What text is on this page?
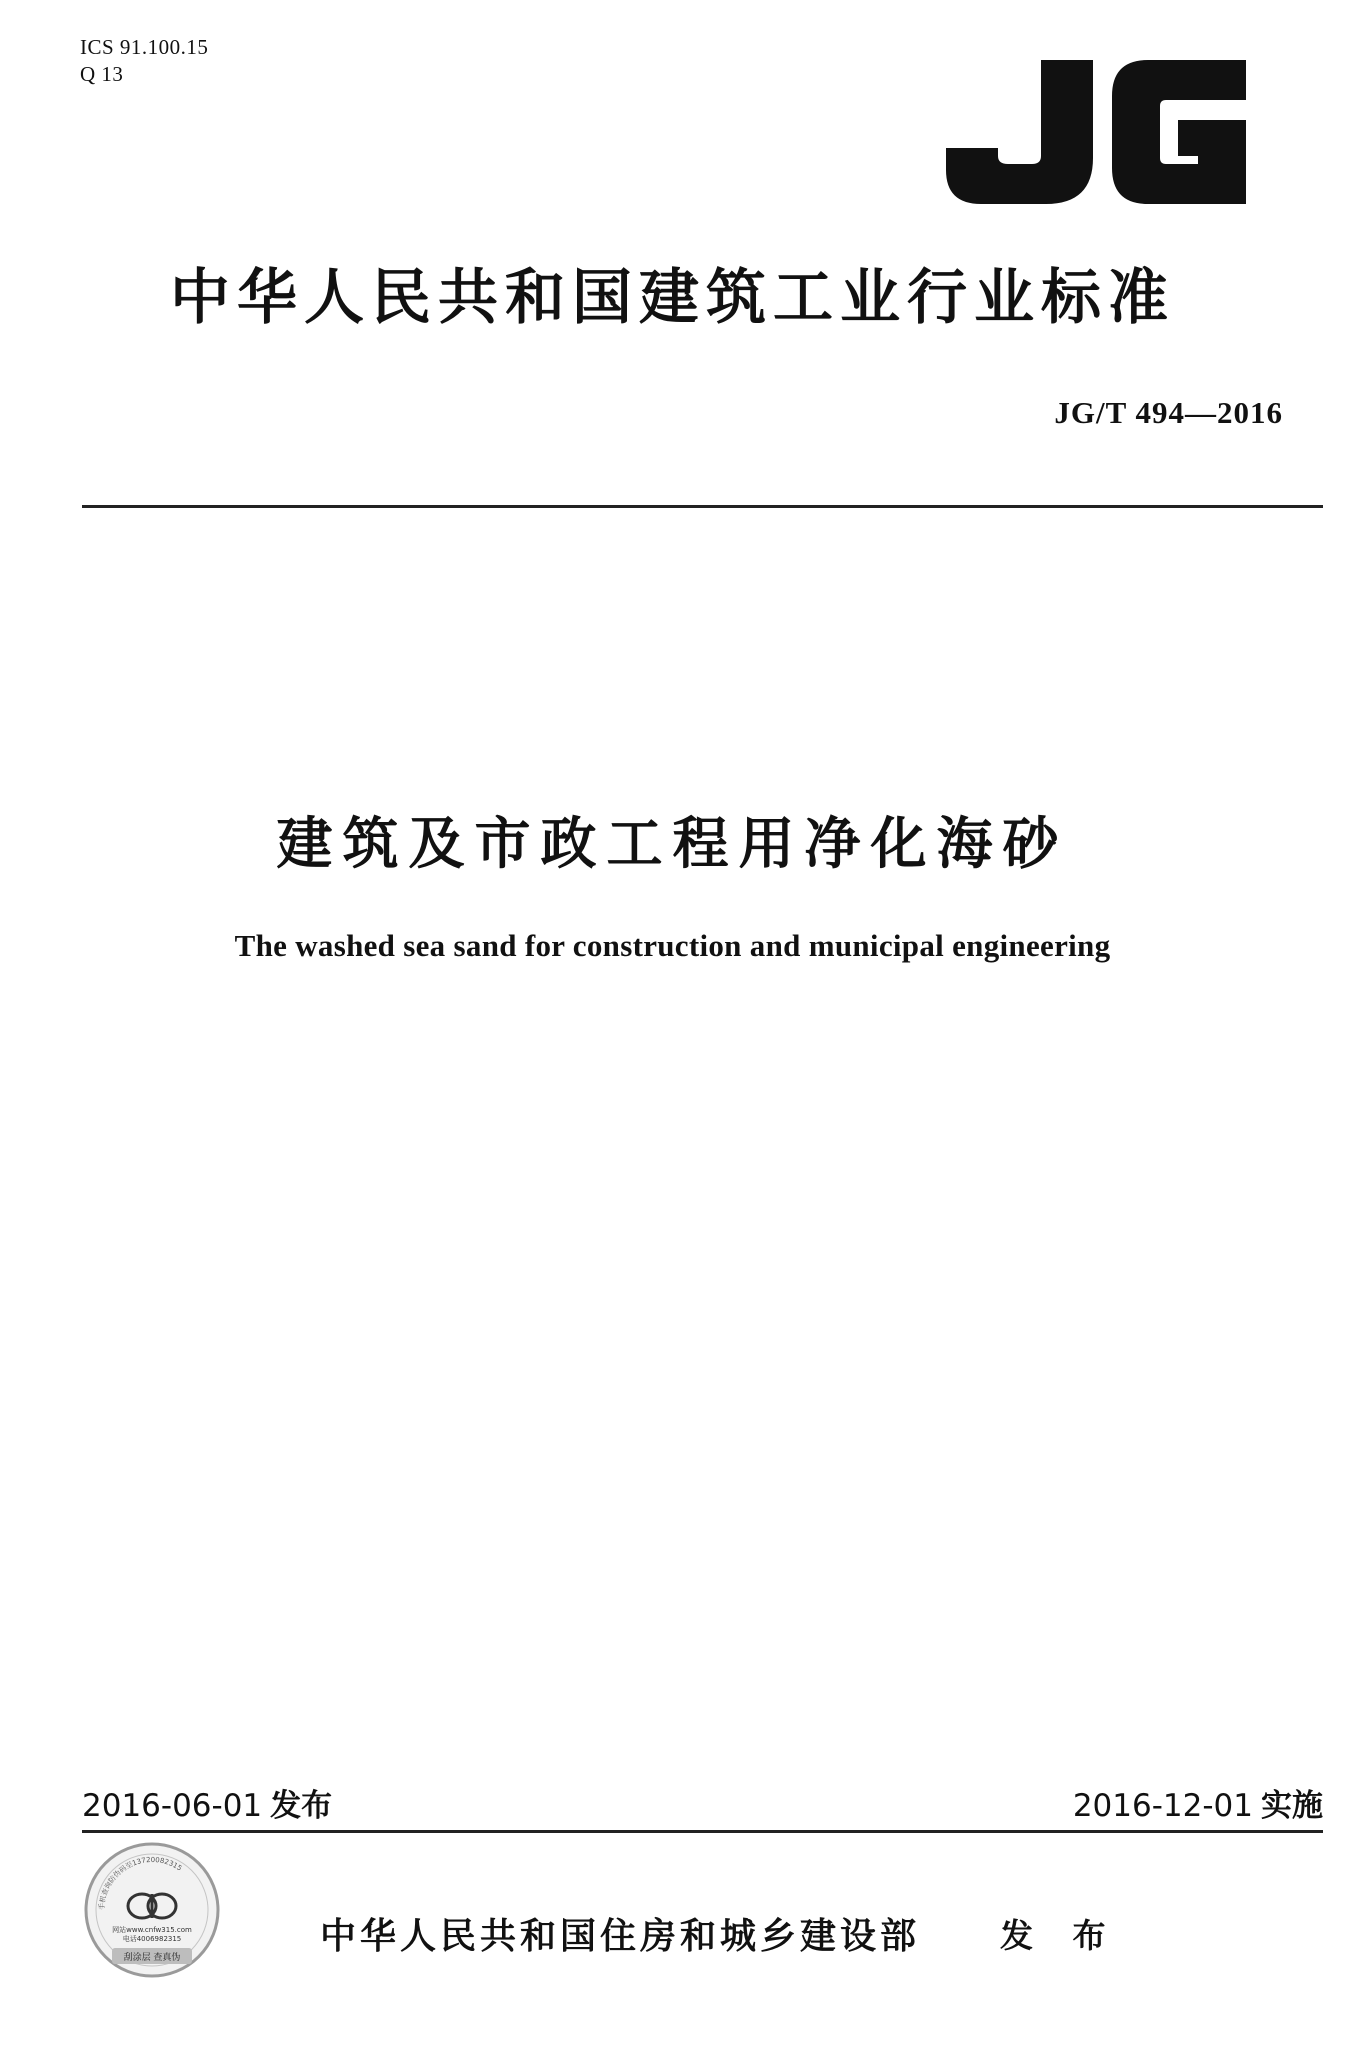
ICS 91.100.15
Q 13
中华人民共和国建筑工业行业标准
JG/T 494—2016
建筑及市政工程用净化海砂
The washed sea sand for construction and municipal engineering
2016-06-01 发布	2016-12-01 实施
手机查询防伪码至13720082315
网站www.cnfw315.com
电话4006982315
刮涂层 查真伪
中华人民共和国住房和城乡建设部 发 布
